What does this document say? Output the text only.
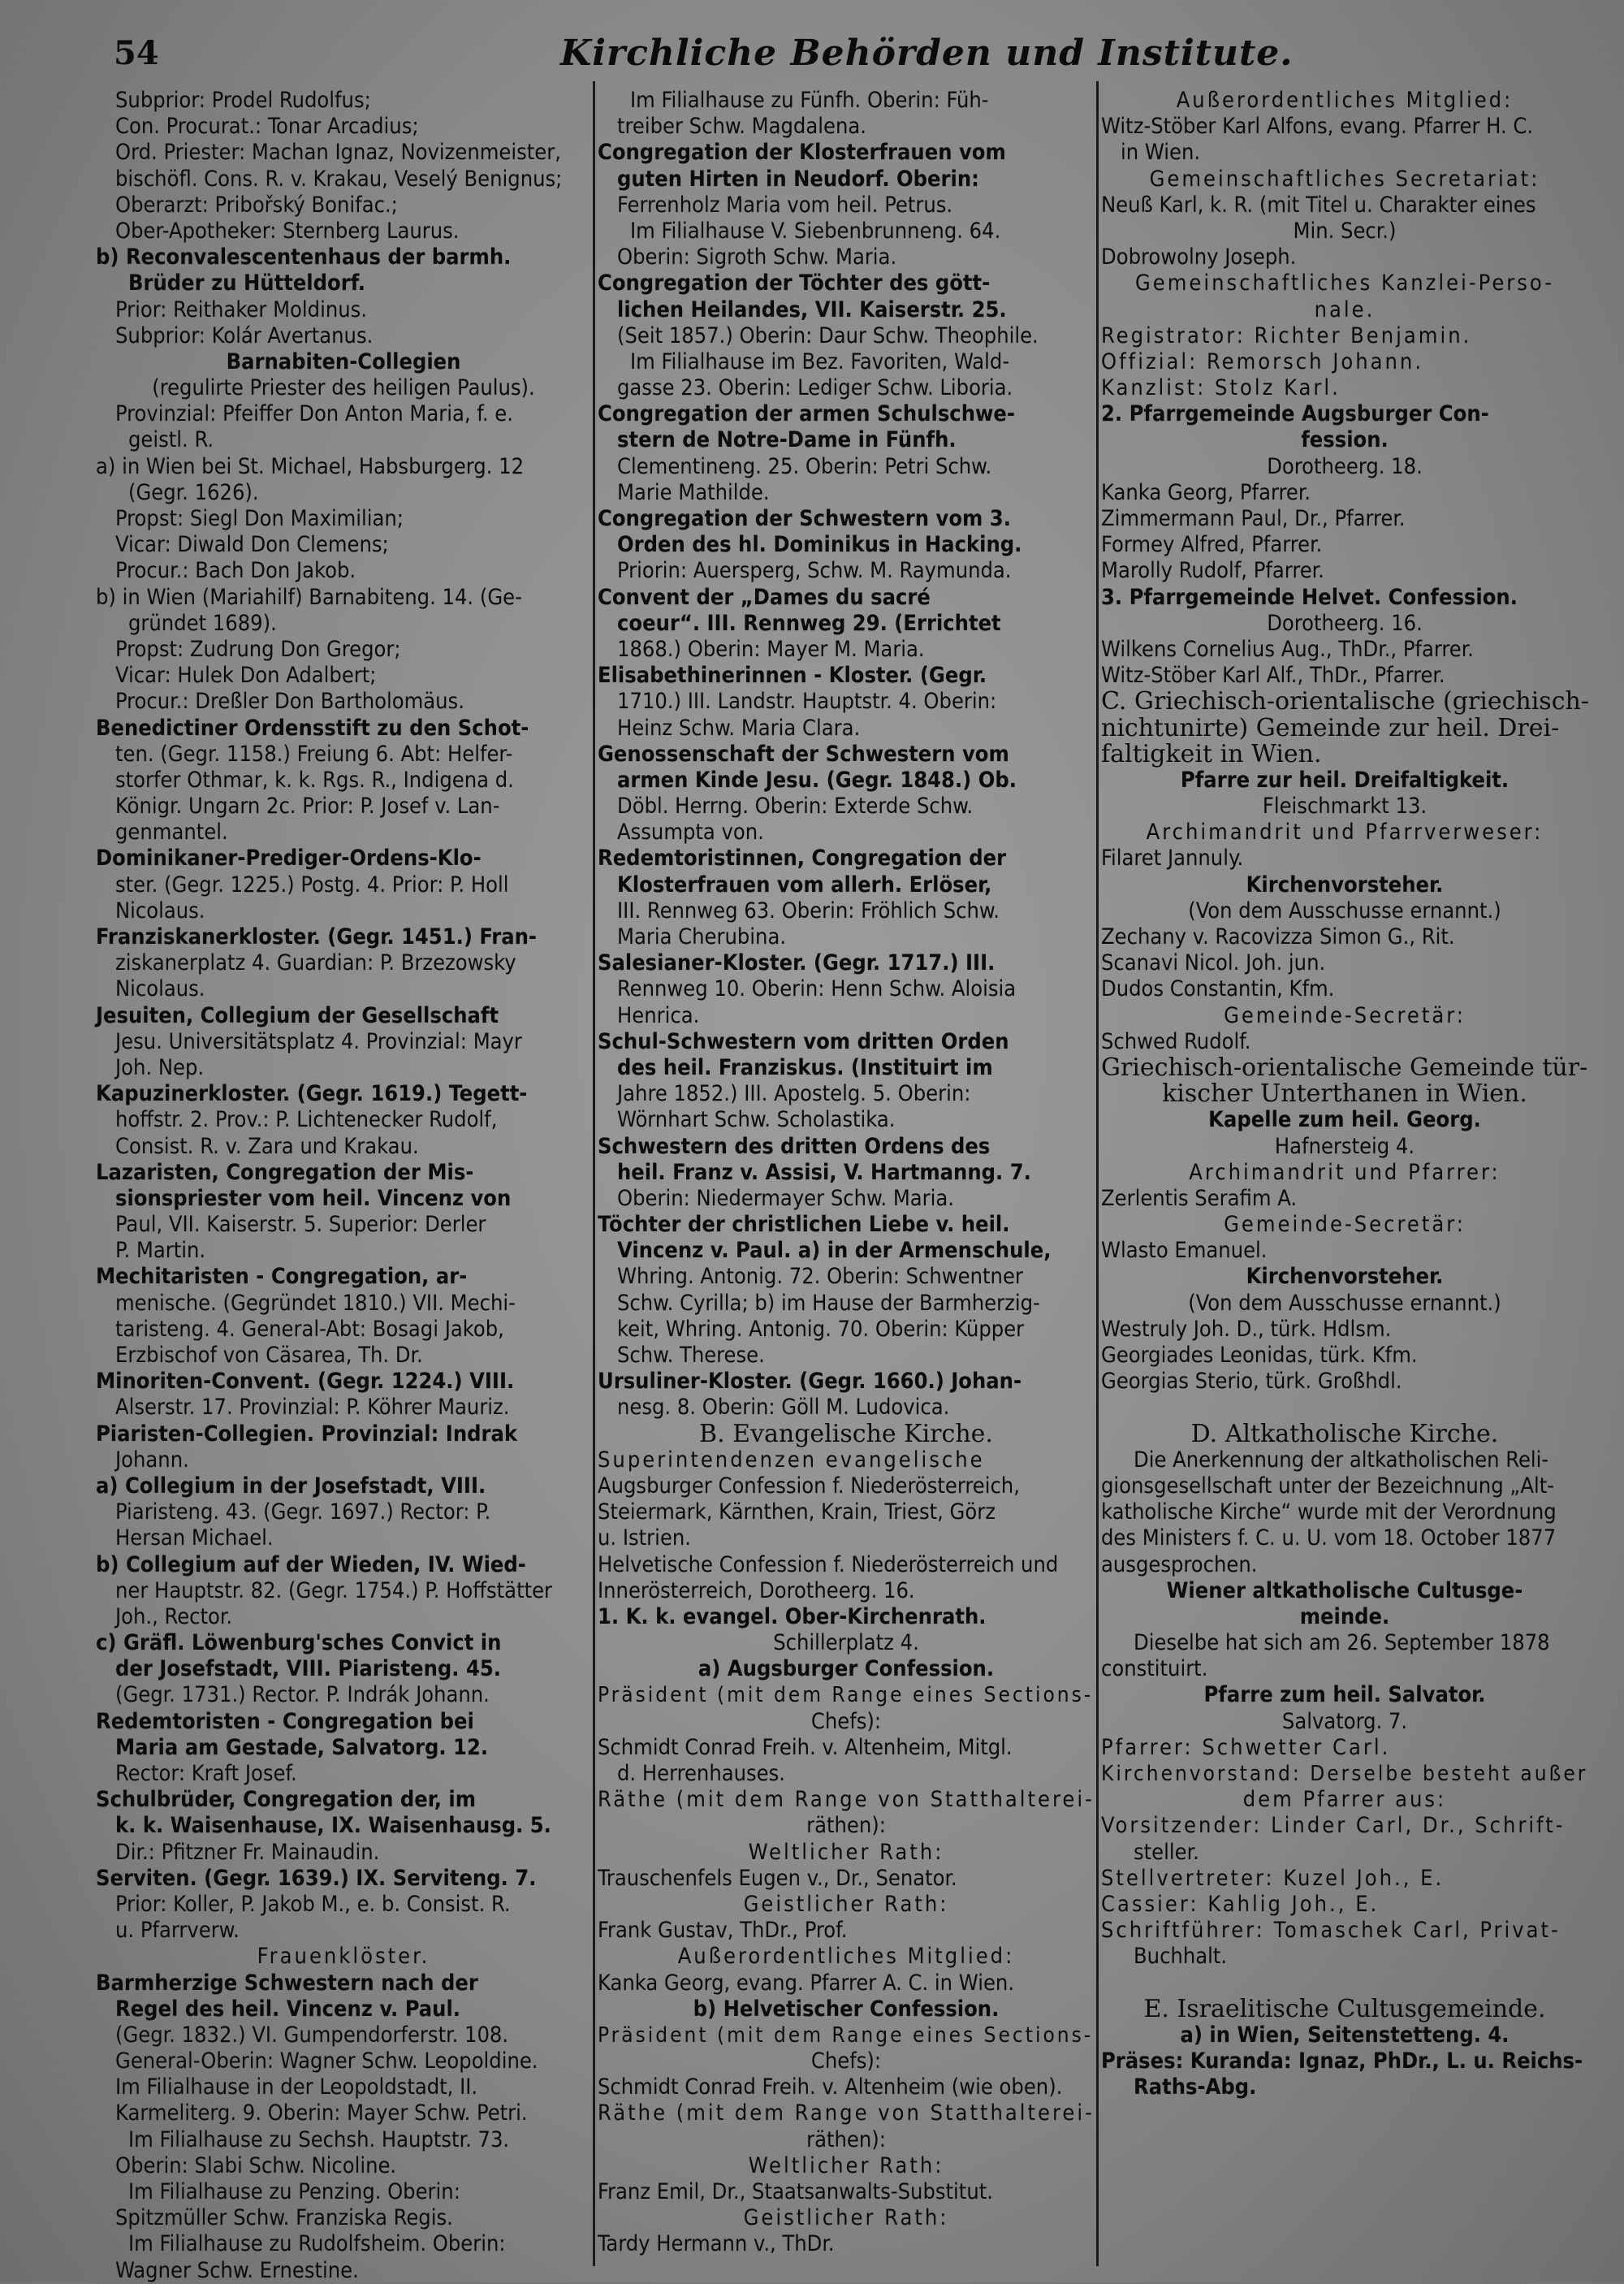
54	Kirchliche Behörden und Institute.
Subprior: Prodel Rudolfus;
Con. Procurat.: Tonar Arcadius;
Ord. Priester: Machan Ignaz, Novizenmeister,
bischöfl. Cons. R. v. Krakau, Veselý Benignus;
Oberarzt: Pribořský Bonifac.;
Ober-Apotheker: Sternberg Laurus.
b) Reconvalescentenhaus der barmh.
Brüder zu Hütteldorf.
Prior: Reithaker Moldinus.
Subprior: Kolár Avertanus.
Barnabiten-Collegien
(regulirte Priester des heiligen Paulus).
Provinzial: Pfeiffer Don Anton Maria, f. e.
geistl. R.
a) in Wien bei St. Michael, Habsburgerg. 12
(Gegr. 1626).
Propst: Siegl Don Maximilian;
Vicar: Diwald Don Clemens;
Procur.: Bach Don Jakob.
b) in Wien (Mariahilf) Barnabiteng. 14. (Ge-
gründet 1689).
Propst: Zudrung Don Gregor;
Vicar: Hulek Don Adalbert;
Procur.: Dreßler Don Bartholomäus.
Benedictiner Ordensstift zu den Schot-
ten. (Gegr. 1158.) Freiung 6. Abt: Helfer-
storfer Othmar, k. k. Rgs. R., Indigena d.
Königr. Ungarn 2c. Prior: P. Josef v. Lan-
genmantel.
Dominikaner-Prediger-Ordens-Klo-
ster. (Gegr. 1225.) Postg. 4. Prior: P. Holl
Nicolaus.
Franziskanerkloster. (Gegr. 1451.) Fran-
ziskanerplatz 4. Guardian: P. Brzezowsky
Nicolaus.
Jesuiten, Collegium der Gesellschaft
Jesu. Universitätsplatz 4. Provinzial: Mayr
Joh. Nep.
Kapuzinerkloster. (Gegr. 1619.) Tegett-
hoffstr. 2. Prov.: P. Lichtenecker Rudolf,
Consist. R. v. Zara und Krakau.
Lazaristen, Congregation der Mis-
sionspriester vom heil. Vincenz von
Paul, VII. Kaiserstr. 5. Superior: Derler
P. Martin.
Mechitaristen - Congregation, ar-
menische. (Gegründet 1810.) VII. Mechi-
taristeng. 4. General-Abt: Bosagi Jakob,
Erzbischof von Cäsarea, Th. Dr.
Minoriten-Convent. (Gegr. 1224.) VIII.
Alserstr. 17. Provinzial: P. Köhrer Mauriz.
Piaristen-Collegien. Provinzial: Indrak
Johann.
a) Collegium in der Josefstadt, VIII.
Piaristeng. 43. (Gegr. 1697.) Rector: P.
Hersan Michael.
b) Collegium auf der Wieden, IV. Wied-
ner Hauptstr. 82. (Gegr. 1754.) P. Hoffstätter
Joh., Rector.
c) Gräfl. Löwenburg'sches Convict in
der Josefstadt, VIII. Piaristeng. 45.
(Gegr. 1731.) Rector. P. Indrák Johann.
Redemtoristen - Congregation bei
Maria am Gestade, Salvatorg. 12.
Rector: Kraft Josef.
Schulbrüder, Congregation der, im
k. k. Waisenhause, IX. Waisenhausg. 5.
Dir.: Pfitzner Fr. Mainaudin.
Serviten. (Gegr. 1639.) IX. Serviteng. 7.
Prior: Koller, P. Jakob M., e. b. Consist. R.
u. Pfarrverw.
Frauenklöster.
Barmherzige Schwestern nach der
Regel des heil. Vincenz v. Paul.
(Gegr. 1832.) VI. Gumpendorferstr. 108.
General-Oberin: Wagner Schw. Leopoldine.
Im Filialhause in der Leopoldstadt, II.
Karmeliterg. 9. Oberin: Mayer Schw. Petri.
Im Filialhause zu Sechsh. Hauptstr. 73.
Oberin: Slabi Schw. Nicoline.
Im Filialhause zu Penzing. Oberin:
Spitzmüller Schw. Franziska Regis.
Im Filialhause zu Rudolfsheim. Oberin:
Wagner Schw. Ernestine.
Im Filialhause zu Fünfh. Oberin: Füh-
treiber Schw. Magdalena.
Congregation der Klosterfrauen vom
guten Hirten in Neudorf. Oberin:
Ferrenholz Maria vom heil. Petrus.
Im Filialhause V. Siebenbrunneng. 64.
Oberin: Sigroth Schw. Maria.
Congregation der Töchter des gött-
lichen Heilandes, VII. Kaiserstr. 25.
(Seit 1857.) Oberin: Daur Schw. Theophile.
Im Filialhause im Bez. Favoriten, Wald-
gasse 23. Oberin: Lediger Schw. Liboria.
Congregation der armen Schulschwe-
stern de Notre-Dame in Fünfh.
Clementineng. 25. Oberin: Petri Schw.
Marie Mathilde.
Congregation der Schwestern vom 3.
Orden des hl. Dominikus in Hacking.
Priorin: Auersperg, Schw. M. Raymunda.
Convent der „Dames du sacré
coeur“. III. Rennweg 29. (Errichtet
1868.) Oberin: Mayer M. Maria.
Elisabethinerinnen - Kloster. (Gegr.
1710.) III. Landstr. Hauptstr. 4. Oberin:
Heinz Schw. Maria Clara.
Genossenschaft der Schwestern vom
armen Kinde Jesu. (Gegr. 1848.) Ob.
Döbl. Herrng. Oberin: Exterde Schw.
Assumpta von.
Redemtoristinnen, Congregation der
Klosterfrauen vom allerh. Erlöser,
III. Rennweg 63. Oberin: Fröhlich Schw.
Maria Cherubina.
Salesianer-Kloster. (Gegr. 1717.) III.
Rennweg 10. Oberin: Henn Schw. Aloisia
Henrica.
Schul-Schwestern vom dritten Orden
des heil. Franziskus. (Instituirt im
Jahre 1852.) III. Apostelg. 5. Oberin:
Wörnhart Schw. Scholastika.
Schwestern des dritten Ordens des
heil. Franz v. Assisi, V. Hartmanng. 7.
Oberin: Niedermayer Schw. Maria.
Töchter der christlichen Liebe v. heil.
Vincenz v. Paul. a) in der Armenschule,
Whring. Antonig. 72. Oberin: Schwentner
Schw. Cyrilla; b) im Hause der Barmherzig-
keit, Whring. Antonig. 70. Oberin: Küpper
Schw. Therese.
Ursuliner-Kloster. (Gegr. 1660.) Johan-
nesg. 8. Oberin: Göll M. Ludovica.
B. Evangelische Kirche.
Superintendenzen evangelische
Augsburger Confession f. Niederösterreich,
Steiermark, Kärnthen, Krain, Triest, Görz
u. Istrien.
Helvetische Confession f. Niederösterreich und
Innerösterreich, Dorotheerg. 16.
1. K. k. evangel. Ober-Kirchenrath.
Schillerplatz 4.
a) Augsburger Confession.
Präsident (mit dem Range eines Sections-
Chefs):
Schmidt Conrad Freih. v. Altenheim, Mitgl.
d. Herrenhauses.
Räthe (mit dem Range von Statthalterei-
räthen):
Weltlicher Rath:
Trauschenfels Eugen v., Dr., Senator.
Geistlicher Rath:
Frank Gustav, ThDr., Prof.
Außerordentliches Mitglied:
Kanka Georg, evang. Pfarrer A. C. in Wien.
b) Helvetischer Confession.
Präsident (mit dem Range eines Sections-
Chefs):
Schmidt Conrad Freih. v. Altenheim (wie oben).
Räthe (mit dem Range von Statthalterei-
räthen):
Weltlicher Rath:
Franz Emil, Dr., Staatsanwalts-Substitut.
Geistlicher Rath:
Tardy Hermann v., ThDr.
Außerordentliches Mitglied:
Witz-Stöber Karl Alfons, evang. Pfarrer H. C.
in Wien.
Gemeinschaftliches Secretariat:
Neuß Karl, k. R. (mit Titel u. Charakter eines
Min. Secr.)
Dobrowolny Joseph.
Gemeinschaftliches Kanzlei-Perso-
nale.
Registrator: Richter Benjamin.
Offizial: Remorsch Johann.
Kanzlist: Stolz Karl.
2. Pfarrgemeinde Augsburger Con-
fession.
Dorotheerg. 18.
Kanka Georg, Pfarrer.
Zimmermann Paul, Dr., Pfarrer.
Formey Alfred, Pfarrer.
Marolly Rudolf, Pfarrer.
3. Pfarrgemeinde Helvet. Confession.
Dorotheerg. 16.
Wilkens Cornelius Aug., ThDr., Pfarrer.
Witz-Stöber Karl Alf., ThDr., Pfarrer.
C. Griechisch-orientalische (griechisch-
nichtunirte) Gemeinde zur heil. Drei-
faltigkeit in Wien.
Pfarre zur heil. Dreifaltigkeit.
Fleischmarkt 13.
Archimandrit und Pfarrverweser:
Filaret Jannuly.
Kirchenvorsteher.
(Von dem Ausschusse ernannt.)
Zechany v. Racovizza Simon G., Rit.
Scanavi Nicol. Joh. jun.
Dudos Constantin, Kfm.
Gemeinde-Secretär:
Schwed Rudolf.
Griechisch-orientalische Gemeinde tür-
kischer Unterthanen in Wien.
Kapelle zum heil. Georg.
Hafnersteig 4.
Archimandrit und Pfarrer:
Zerlentis Serafim A.
Gemeinde-Secretär:
Wlasto Emanuel.
Kirchenvorsteher.
(Von dem Ausschusse ernannt.)
Westruly Joh. D., türk. Hdlsm.
Georgiades Leonidas, türk. Kfm.
Georgias Sterio, türk. Großhdl.
D. Altkatholische Kirche.
Die Anerkennung der altkatholischen Reli-
gionsgesellschaft unter der Bezeichnung „Alt-
katholische Kirche“ wurde mit der Verordnung
des Ministers f. C. u. U. vom 18. October 1877
ausgesprochen.
Wiener altkatholische Cultusge-
meinde.
Dieselbe hat sich am 26. September 1878
constituirt.
Pfarre zum heil. Salvator.
Salvatorg. 7.
Pfarrer: Schwetter Carl.
Kirchenvorstand: Derselbe besteht außer
dem Pfarrer aus:
Vorsitzender: Linder Carl, Dr., Schrift-
steller.
Stellvertreter: Kuzel Joh., E.
Cassier: Kahlig Joh., E.
Schriftführer: Tomaschek Carl, Privat-
Buchhalt.
E. Israelitische Cultusgemeinde.
a) in Wien, Seitenstetteng. 4.
Präses: Kuranda: Ignaz, PhDr., L. u. Reichs-
Raths-Abg.
